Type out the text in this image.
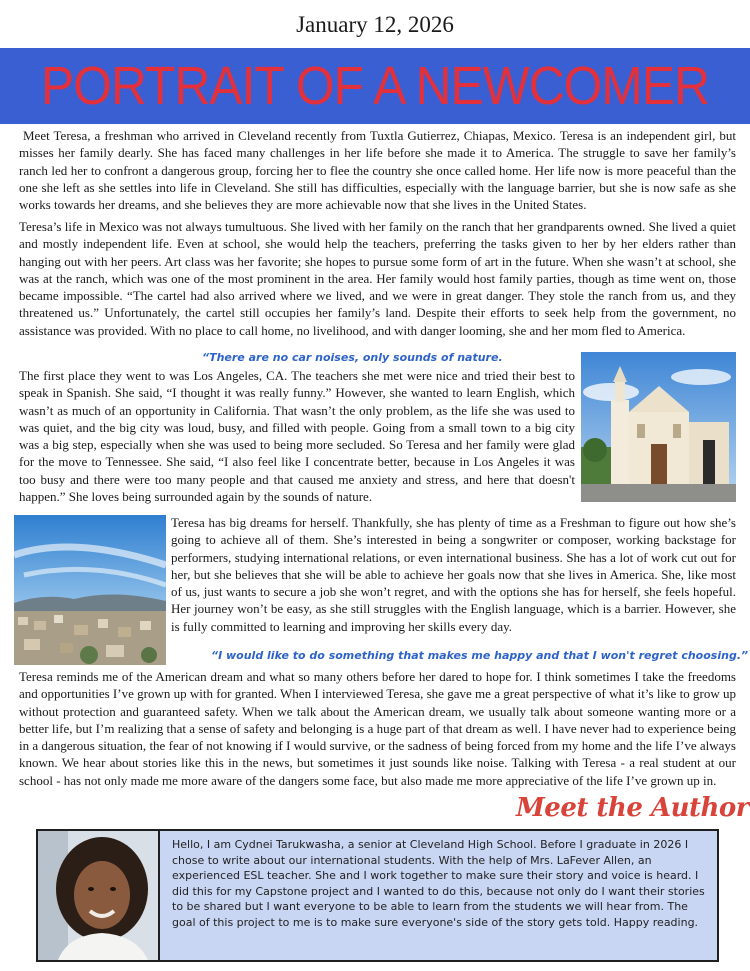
January 12, 2026
PORTRAIT OF A NEWCOMER

Meet Teresa, a freshman who arrived in Cleveland recently from Tuxtla Gutierrez, Chiapas, Mexico. Teresa is an independent girl, but misses her family dearly. She has faced many challenges in her life before she made it to America. The struggle to save her family’s ranch led her to confront a dangerous group, forcing her to flee the country she once called home. Her life now is more peaceful than the one she left as she settles into life in Cleveland. She still has difficulties, especially with the language barrier, but she is now safe as she works towards her dreams, and she believes they are more achievable now that she lives in the United States.

Teresa’s life in Mexico was not always tumultuous. She lived with her family on the ranch that her grandparents owned. She lived a quiet and mostly independent life. Even at school, she would help the teachers, preferring the tasks given to her by her elders rather than hanging out with her peers. Art class was her favorite; she hopes to pursue some form of art in the future. When she wasn’t at school, she was at the ranch, which was one of the most prominent in the area. Her family would host family parties, though as time went on, those became impossible. “The cartel had also arrived where we lived, and we were in great danger. They stole the ranch from us, and they threatened us.” Unfortunately, the cartel still occupies her family’s land. Despite their efforts to seek help from the government, no assistance was provided. With no place to call home, no livelihood, and with danger looming, she and her mom fled to America.

“There are no car noises, only sounds of nature.

The first place they went to was Los Angeles, CA. The teachers she met were nice and tried their best to speak in Spanish. She said, “I thought it was really funny.” However, she wanted to learn English, which wasn’t as much of an opportunity in California. That wasn’t the only problem, as the life she was used to was quiet, and the big city was loud, busy, and filled with people. Going from a small town to a big city was a big step, especially when she was used to being more secluded. So Teresa and her family were glad for the move to Tennessee. She said, “I also feel like I concentrate better, because in Los Angeles it was too busy and there were too many people and that caused me anxiety and stress, and here that doesn't happen.” She loves being surrounded again by the sounds of nature.

Teresa has big dreams for herself. Thankfully, she has plenty of time as a Freshman to figure out how she’s going to achieve all of them. She’s interested in being a songwriter or composer, working backstage for performers, studying international relations, or even international business. She has a lot of work cut out for her, but she believes that she will be able to achieve her goals now that she lives in America. She, like most of us, just wants to secure a job she won’t regret, and with the options she has for herself, she feels hopeful. Her journey won’t be easy, as she still struggles with the English language, which is a barrier. However, she is fully committed to learning and improving her skills every day.

“I would like to do something that makes me happy and that I won't regret choosing.”

Teresa reminds me of the American dream and what so many others before her dared to hope for. I think sometimes I take the freedoms and opportunities I’ve grown up with for granted. When I interviewed Teresa, she gave me a great perspective of what it’s like to grow up without protection and guaranteed safety. When we talk about the American dream, we usually talk about someone wanting more or a better life, but I’m realizing that a sense of safety and belonging is a huge part of that dream as well. I have never had to experience being in a dangerous situation, the fear of not knowing if I would survive, or the sadness of being forced from my home and the life I’ve always known. We hear about stories like this in the news, but sometimes it just sounds like noise. Talking with Teresa - a real student at our school - has not only made me more aware of the dangers some face, but also made me more appreciative of the life I’ve grown up in.

Meet the Author
Hello, I am Cydnei Tarukwasha, a senior at Cleveland High School. Before I graduate in 2026 I chose to write about our international students. With the help of Mrs. LaFever Allen, an experienced ESL teacher. She and I work together to make sure their story and voice is heard. I did this for my Capstone project and I wanted to do this, because not only do I want their stories to be shared but I want everyone to be able to learn from the students we will hear from. The goal of this project to me is to make sure everyone's side of the story gets told. Happy reading.
